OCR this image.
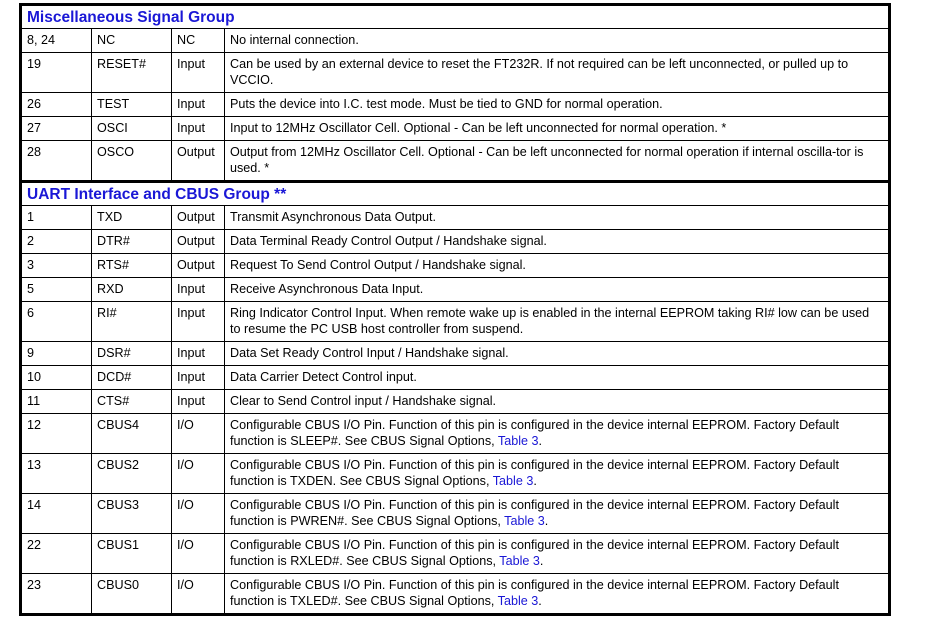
Miscellaneous Signal Group			
8, 24	NC	NC	No internal connection.
19	RESET#	Input	Can be used by an external device to reset the FT232R. If not required can be left unconnected, or pulled up to VCCIO.
26	TEST	Input	Puts the device into I.C. test mode. Must be tied to GND for normal operation.
27	OSCI	Input	Input to 12MHz Oscillator Cell. Optional - Can be left unconnected for normal operation. *
28	OSCO	Output	Output from 12MHz Oscillator Cell. Optional - Can be left unconnected for normal operation if internal oscilla-tor is used. *
UART Interface and CBUS Group **			
1	TXD	Output	Transmit Asynchronous Data Output.
2	DTR#	Output	Data Terminal Ready Control Output / Handshake signal.
3	RTS#	Output	Request To Send Control Output / Handshake signal.
5	RXD	Input	Receive Asynchronous Data Input.
6	RI#	Input	Ring Indicator Control Input. When remote wake up is enabled in the internal EEPROM taking RI# low can be used to resume the PC USB host controller from suspend.
9	DSR#	Input	Data Set Ready Control Input / Handshake signal.
10	DCD#	Input	Data Carrier Detect Control input.
11	CTS#	Input	Clear to Send Control input / Handshake signal.
12	CBUS4	I/O	Configurable CBUS I/O Pin. Function of this pin is configured in the device internal EEPROM. Factory Default function is SLEEP#. See CBUS Signal Options, Table 3.
13	CBUS2	I/O	Configurable CBUS I/O Pin. Function of this pin is configured in the device internal EEPROM. Factory Default function is TXDEN. See CBUS Signal Options, Table 3.
14	CBUS3	I/O	Configurable CBUS I/O Pin. Function of this pin is configured in the device internal EEPROM. Factory Default function is PWREN#. See CBUS Signal Options, Table 3.
22	CBUS1	I/O	Configurable CBUS I/O Pin. Function of this pin is configured in the device internal EEPROM. Factory Default function is RXLED#. See CBUS Signal Options, Table 3.
23	CBUS0	I/O	Configurable CBUS I/O Pin. Function of this pin is configured in the device internal EEPROM. Factory Default function is TXLED#. See CBUS Signal Options, Table 3.
